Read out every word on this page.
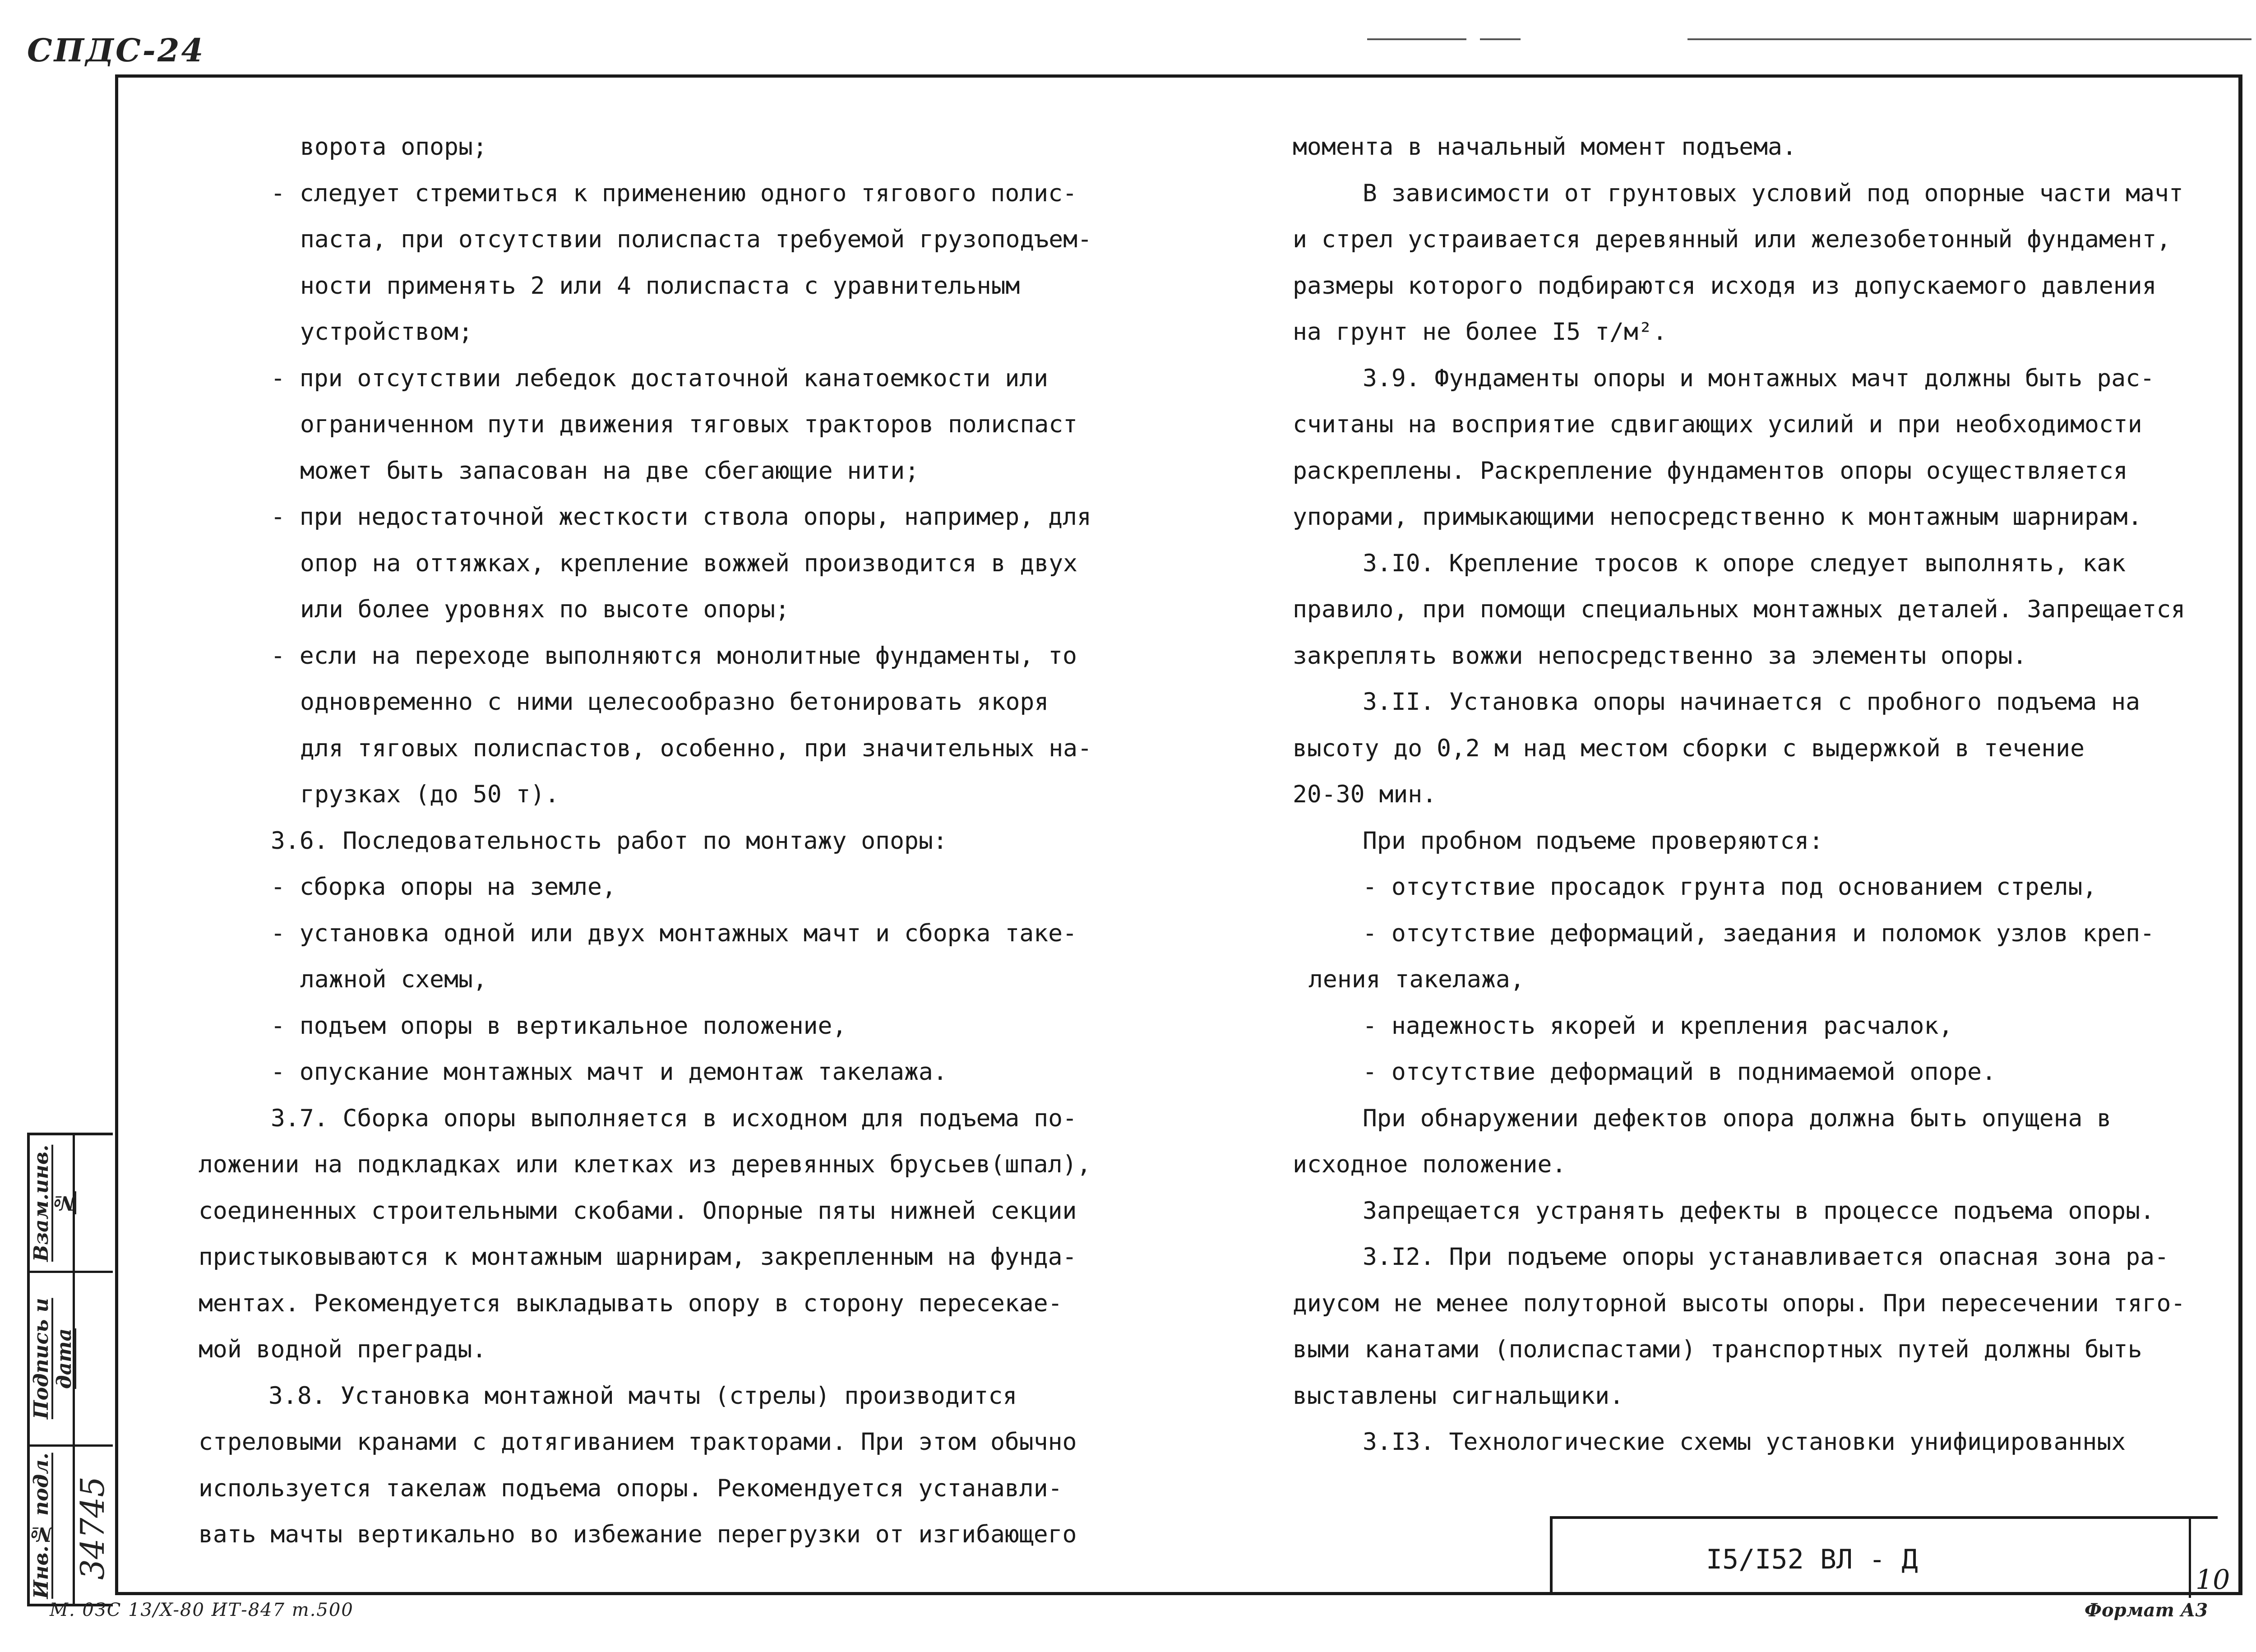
СПДС-24

ворота опоры;

- следует стремиться к применению одного тягового полис-

паста, при отсутствии полиспаста требуемой грузоподъем-

ности применять 2 или 4 полиспаста с уравнительным

устройством;

- при отсутствии лебедок достаточной канатоемкости или

ограниченном пути движения тяговых тракторов полиспаст

может быть запасован на две сбегающие нити;

- при недостаточной жесткости ствола опоры, например, для

опор на оттяжках, крепление вожжей производится в двух

или более уровнях по высоте опоры;

- если на переходе выполняются монолитные фундаменты, то

одновременно с ними целесообразно бетонировать якоря

для тяговых полиспастов, особенно, при значительных на-

грузках (до 50 т).

3.6. Последовательность работ по монтажу опоры:

- сборка опоры на земле,

- установка одной или двух монтажных мачт и сборка таке-

лажной схемы,

- подъем опоры в вертикальное положение,

- опускание монтажных мачт и демонтаж такелажа.

3.7. Сборка опоры выполняется в исходном для подъема по-

ложении на подкладках или клетках из деревянных брусьев(шпал),

соединенных строительными скобами. Опорные пяты нижней секции

пристыковываются к монтажным шарнирам, закрепленным на фунда-

ментах. Рекомендуется выкладывать опору в сторону пересекае-

мой водной преграды.

3.8. Установка монтажной мачты (стрелы) производится

стреловыми кранами с дотягиванием тракторами. При этом обычно

используется такелаж подъема опоры. Рекомендуется устанавли-

вать мачты вертикально во избежание перегрузки от изгибающего

момента в начальный момент подъема.

В зависимости от грунтовых условий под опорные части мачт

и стрел устраивается деревянный или железобетонный фундамент,

размеры которого подбираются исходя из допускаемого давления

на грунт не более I5 т/м².

3.9. Фундаменты опоры и монтажных мачт должны быть рас-

считаны на восприятие сдвигающих усилий и при необходимости

раскреплены. Раскрепление фундаментов опоры осуществляется

упорами, примыкающими непосредственно к монтажным шарнирам.

3.I0. Крепление тросов к опоре следует выполнять, как

правило, при помощи специальных монтажных деталей. Запрещается

закреплять вожжи непосредственно за элементы опоры.

3.II. Установка опоры начинается с пробного подъема на

высоту до 0,2 м над местом сборки с выдержкой в течение

20-30 мин.

При пробном подъеме проверяются:

- отсутствие просадок грунта под основанием стрелы,

- отсутствие деформаций, заедания и поломок узлов креп-

ления такелажа,

- надежность якорей и крепления расчалок,

- отсутствие деформаций в поднимаемой опоре.

При обнаружении дефектов опора должна быть опущена в

исходное положение.

Запрещается устранять дефекты в процессе подъема опоры.

3.I2. При подъеме опоры устанавливается опасная зона ра-

диусом не менее полуторной высоты опоры. При пересечении тяго-

выми канатами (полиспастами) транспортных путей должны быть

выставлены сигнальщики.

3.I3. Технологические схемы установки унифицированных

Взам.инв.№
Подпись и дата
Инв.№ подл. 34745	I5/I52 ВЛ - Д
10
М. 0ЗС 13/X-80 ИТ-847 т.500	Формат А3
